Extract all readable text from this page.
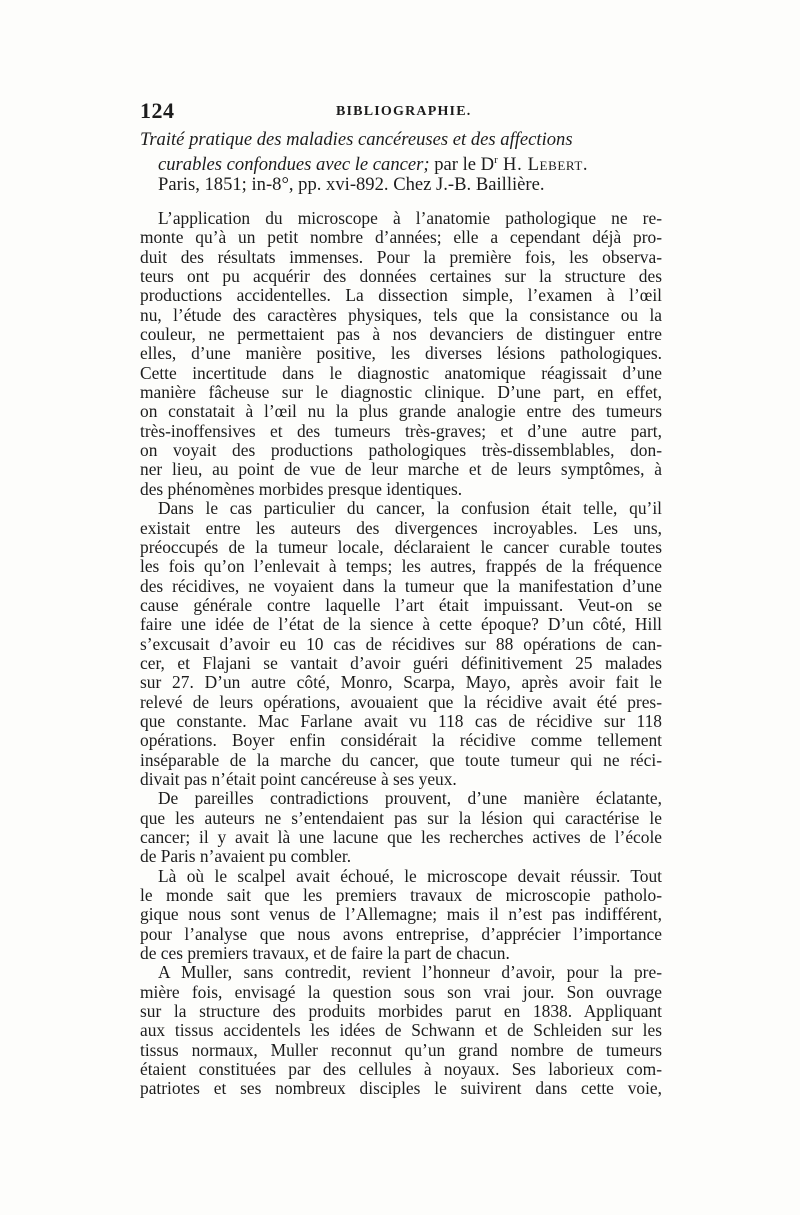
124	BIBLIOGRAPHIE.

Traité pratique des maladies cancéreuses et des affections

curables confondues avec le cancer; par le $D^r$ H. Lebert.

Paris, 1851; in-8°, pp. xvi-892. Chez J.-B. Baillière.

L’application du microscope à l’anatomie pathologique ne re-
monte qu’à un petit nombre d’années; elle a cependant déjà pro-
duit des résultats immenses. Pour la première fois, les observa-
teurs ont pu acquérir des données certaines sur la structure des
productions accidentelles. La dissection simple, l’examen à l’œil
nu, l’étude des caractères physiques, tels que la consistance ou la
couleur, ne permettaient pas à nos devanciers de distinguer entre
elles, d’une manière positive, les diverses lésions pathologiques.
Cette incertitude dans le diagnostic anatomique réagissait d’une
manière fâcheuse sur le diagnostic clinique. D’une part, en effet,
on constatait à l’œil nu la plus grande analogie entre des tumeurs
très-inoffensives et des tumeurs très-graves; et d’une autre part,
on voyait des productions pathologiques très-dissemblables, don-
ner lieu, au point de vue de leur marche et de leurs symptômes, à
des phénomènes morbides presque identiques.
Dans le cas particulier du cancer, la confusion était telle, qu’il
existait entre les auteurs des divergences incroyables. Les uns,
préoccupés de la tumeur locale, déclaraient le cancer curable toutes
les fois qu’on l’enlevait à temps; les autres, frappés de la fréquence
des récidives, ne voyaient dans la tumeur que la manifestation d’une
cause générale contre laquelle l’art était impuissant. Veut-on se
faire une idée de l’état de la sience à cette époque? D’un côté, Hill
s’excusait d’avoir eu 10 cas de récidives sur 88 opérations de can-
cer, et Flajani se vantait d’avoir guéri définitivement 25 malades
sur 27. D’un autre côté, Monro, Scarpa, Mayo, après avoir fait le
relevé de leurs opérations, avouaient que la récidive avait été pres-
que constante. Mac Farlane avait vu 118 cas de récidive sur 118
opérations. Boyer enfin considérait la récidive comme tellement
inséparable de la marche du cancer, que toute tumeur qui ne réci-
divait pas n’était point cancéreuse à ses yeux.
De pareilles contradictions prouvent, d’une manière éclatante,
que les auteurs ne s’entendaient pas sur la lésion qui caractérise le
cancer; il y avait là une lacune que les recherches actives de l’école
de Paris n’avaient pu combler.
Là où le scalpel avait échoué, le microscope devait réussir. Tout
le monde sait que les premiers travaux de microscopie patholo-
gique nous sont venus de l’Allemagne; mais il n’est pas indifférent,
pour l’analyse que nous avons entreprise, d’apprécier l’importance
de ces premiers travaux, et de faire la part de chacun.
A Muller, sans contredit, revient l’honneur d’avoir, pour la pre-
mière fois, envisagé la question sous son vrai jour. Son ouvrage
sur la structure des produits morbides parut en 1838. Appliquant
aux tissus accidentels les idées de Schwann et de Schleiden sur les
tissus normaux, Muller reconnut qu’un grand nombre de tumeurs
étaient constituées par des cellules à noyaux. Ses laborieux com-
patriotes et ses nombreux disciples le suivirent dans cette voie,
